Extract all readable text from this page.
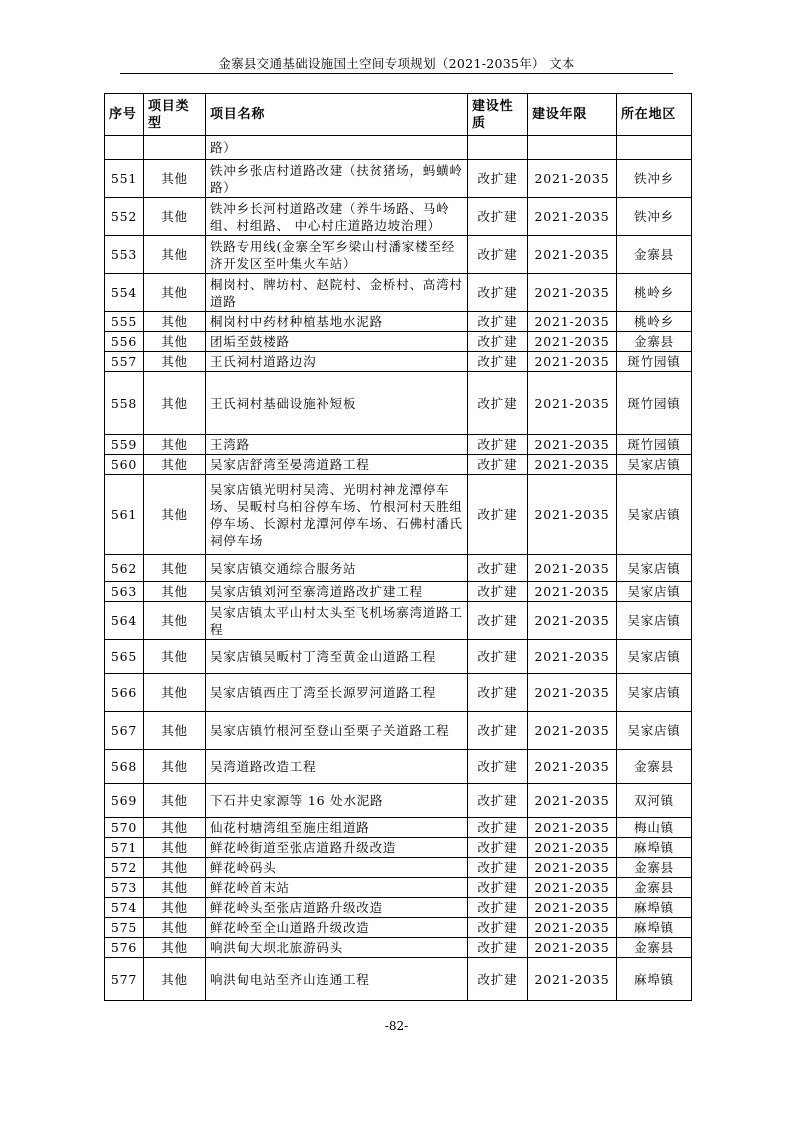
金寨县交通基础设施国土空间专项规划（2021-2035年） 文本
序号	项目类型	项目名称	建设性质	建设年限	所在地区
		路）			
551	其他	铁冲乡张店村道路改建（扶贫猪场，蚂蟥岭路）	改扩建	2021-2035	铁冲乡
552	其他	铁冲乡长河村道路改建（养牛场路、马岭组、村组路、 中心村庄道路边坡治理）	改扩建	2021-2035	铁冲乡
553	其他	铁路专用线(金寨全军乡梁山村潘家楼至经济开发区至叶集火车站）	改扩建	2021-2035	金寨县
554	其他	桐岗村、牌坊村、赵院村、金桥村、高湾村道路	改扩建	2021-2035	桃岭乡
555	其他	桐岗村中药材种植基地水泥路	改扩建	2021-2035	桃岭乡
556	其他	团垢至鼓楼路	改扩建	2021-2035	金寨县
557	其他	王氏祠村道路边沟	改扩建	2021-2035	斑竹园镇
558	其他	王氏祠村基础设施补短板	改扩建	2021-2035	斑竹园镇
559	其他	王湾路	改扩建	2021-2035	斑竹园镇
560	其他	吴家店舒湾至晏湾道路工程	改扩建	2021-2035	吴家店镇
561	其他	吴家店镇光明村吴湾、光明村神龙潭停车场、吴畈村乌桕谷停车场、竹根河村天胜组停车场、长源村龙潭河停车场、石佛村潘氏祠停车场	改扩建	2021-2035	吴家店镇
562	其他	吴家店镇交通综合服务站	改扩建	2021-2035	吴家店镇
563	其他	吴家店镇刘河至寨湾道路改扩建工程	改扩建	2021-2035	吴家店镇
564	其他	吴家店镇太平山村太头至飞机场寨湾道路工程	改扩建	2021-2035	吴家店镇
565	其他	吴家店镇吴畈村丁湾至黄金山道路工程	改扩建	2021-2035	吴家店镇
566	其他	吴家店镇西庄丁湾至长源罗河道路工程	改扩建	2021-2035	吴家店镇
567	其他	吴家店镇竹根河至登山至栗子关道路工程	改扩建	2021-2035	吴家店镇
568	其他	吴湾道路改造工程	改扩建	2021-2035	金寨县
569	其他	下石井史家源等 16 处水泥路	改扩建	2021-2035	双河镇
570	其他	仙花村塘湾组至施庄组道路	改扩建	2021-2035	梅山镇
571	其他	鲜花岭街道至张店道路升级改造	改扩建	2021-2035	麻埠镇
572	其他	鲜花岭码头	改扩建	2021-2035	金寨县
573	其他	鲜花岭首末站	改扩建	2021-2035	金寨县
574	其他	鲜花岭头至张店道路升级改造	改扩建	2021-2035	麻埠镇
575	其他	鲜花岭至全山道路升级改造	改扩建	2021-2035	麻埠镇
576	其他	响洪甸大坝北旅游码头	改扩建	2021-2035	金寨县
577	其他	响洪甸电站至齐山连通工程	改扩建	2021-2035	麻埠镇
-82-
